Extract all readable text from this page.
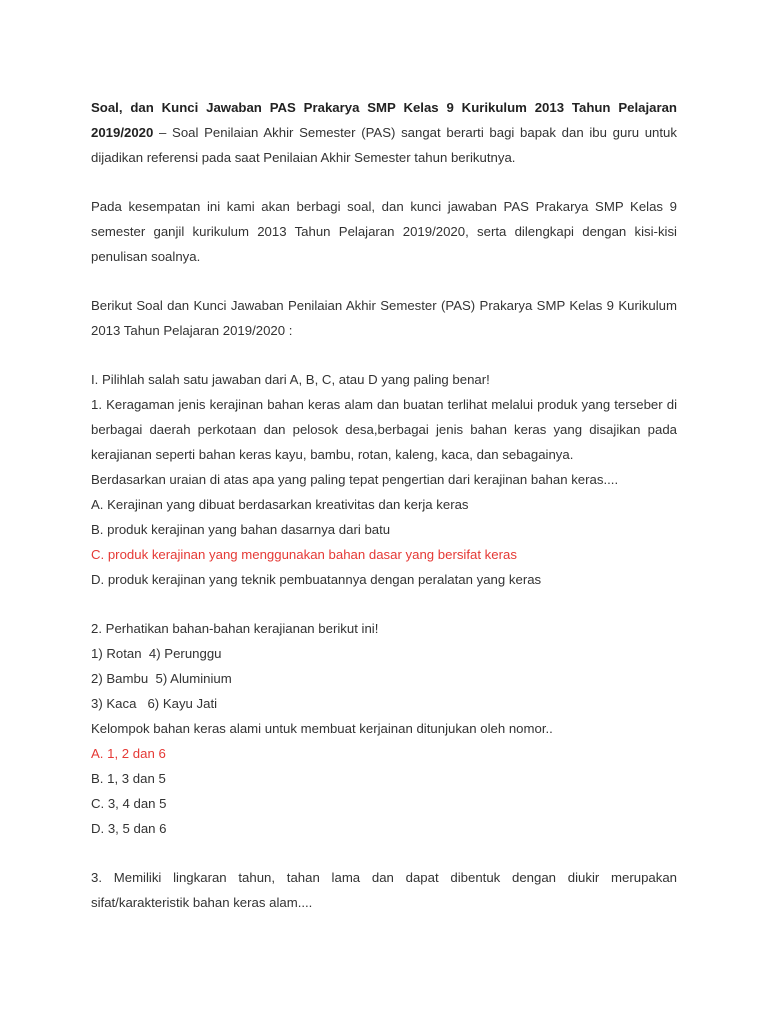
Soal, dan Kunci Jawaban PAS Prakarya SMP Kelas 9 Kurikulum 2013 Tahun Pelajaran 2019/2020 – Soal Penilaian Akhir Semester (PAS) sangat berarti bagi bapak dan ibu guru untuk dijadikan referensi pada saat Penilaian Akhir Semester tahun berikutnya.

Pada kesempatan ini kami akan berbagi soal, dan kunci jawaban PAS Prakarya SMP Kelas 9 semester ganjil kurikulum 2013 Tahun Pelajaran 2019/2020, serta dilengkapi dengan kisi-kisi penulisan soalnya.

Berikut Soal dan Kunci Jawaban Penilaian Akhir Semester (PAS) Prakarya SMP Kelas 9 Kurikulum 2013 Tahun Pelajaran 2019/2020 :

I. Pilihlah salah satu jawaban dari A, B, C, atau D yang paling benar!

1. Keragaman jenis kerajinan bahan keras alam dan buatan terlihat melalui produk yang terseber di berbagai daerah perkotaan dan pelosok desa,berbagai jenis bahan keras yang disajikan pada kerajianan seperti bahan keras kayu, bambu, rotan, kaleng, kaca, dan sebagainya.

Berdasarkan uraian di atas apa yang paling tepat pengertian dari kerajinan bahan keras....

A. Kerajinan yang dibuat berdasarkan kreativitas dan kerja keras

B. produk kerajinan yang bahan dasarnya dari batu

C. produk kerajinan yang menggunakan bahan dasar yang bersifat keras

D. produk kerajinan yang teknik pembuatannya dengan peralatan yang keras

2. Perhatikan bahan-bahan kerajianan berikut ini!

1) Rotan  4) Perunggu

2) Bambu  5) Aluminium

3) Kaca   6) Kayu Jati

Kelompok bahan keras alami untuk membuat kerjainan ditunjukan oleh nomor..

A. 1, 2 dan 6

B. 1, 3 dan 5

C. 3, 4 dan 5

D. 3, 5 dan 6

3. Memiliki lingkaran tahun, tahan lama dan dapat dibentuk dengan diukir merupakan sifat/karakteristik bahan keras alam....
